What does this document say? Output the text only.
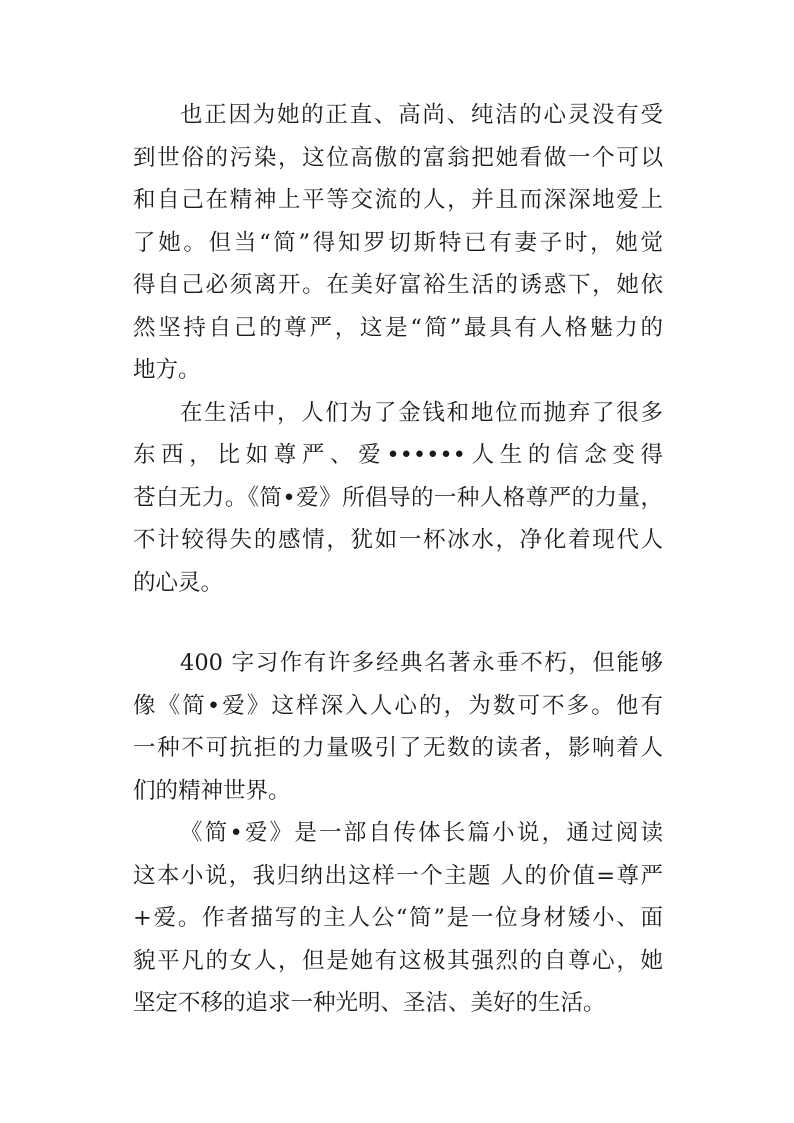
也正因为她的正直、高尚、纯洁的心灵没有受
到世俗的污染，这位高傲的富翁把她看做一个可以
和自己在精神上平等交流的人，并且而深深地爱上
了她。但当“简”得知罗切斯特已有妻子时，她觉
得自己必须离开。在美好富裕生活的诱惑下，她依
然坚持自己的尊严，这是“简”最具有人格魅力的
地方。
在生活中，人们为了金钱和地位而抛弃了很多
东西，比如尊严、爱••••••人生的信念变得
苍白无力。《简•爱》所倡导的一种人格尊严的力量，
不计较得失的感情，犹如一杯冰水，净化着现代人
的心灵。
400 字习作有许多经典名著永垂不朽，但能够
像《简•爱》这样深入人心的，为数可不多。他有
一种不可抗拒的力量吸引了无数的读者，影响着人
们的精神世界。
《简•爱》是一部自传体长篇小说，通过阅读
这本小说，我归纳出这样一个主题 人的价值=尊严
+爱。作者描写的主人公“简”是一位身材矮小、面
貌平凡的女人，但是她有这极其强烈的自尊心，她
坚定不移的追求一种光明、圣洁、美好的生活。
